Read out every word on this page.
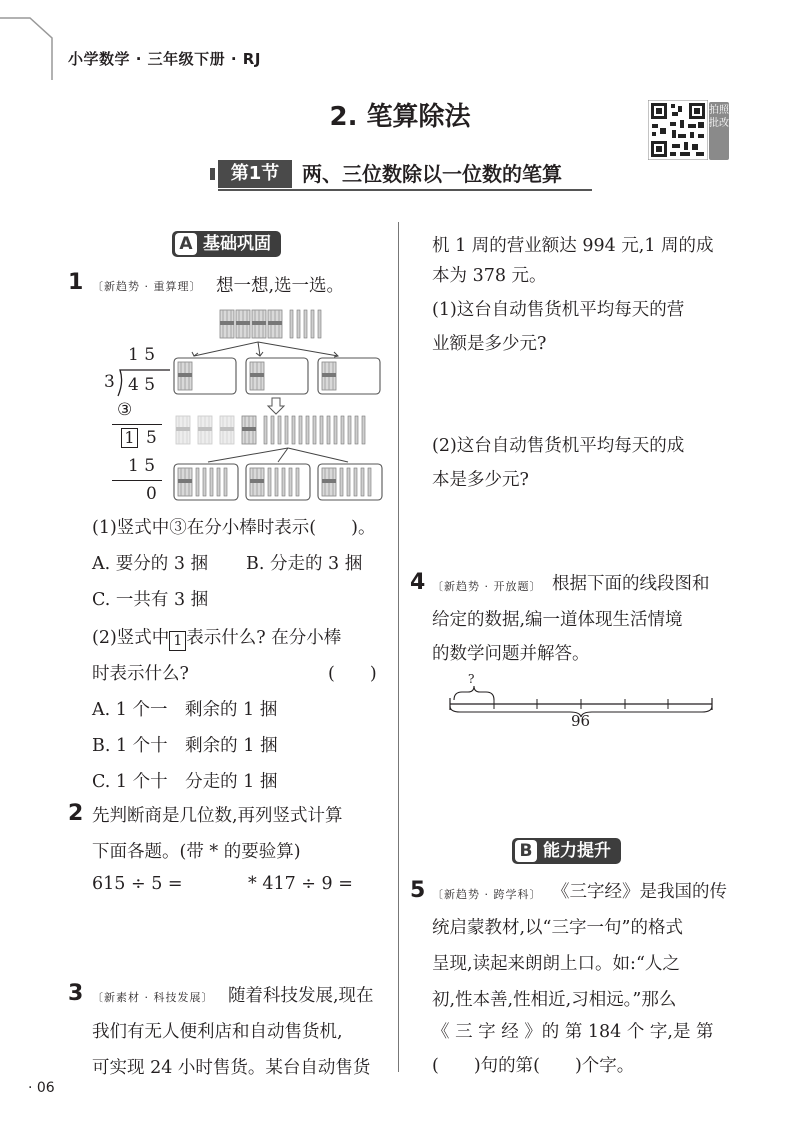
小学数学 · 三年级下册 · RJ
2. 笔算除法	拍照批改
第1节	两、三位数除以一位数的笔算
A 基础巩固
1 〔新趋势 · 重算理〕 想一想,选一选。
1 5
3 4 5
③
1 5
1 5
0
(1)竖式中③在分小棒时表示(　　)。
A. 要分的 3 捆 B. 分走的 3 捆
C. 一共有 3 捆
(2)竖式中 1 表示什么? 在分小棒
时表示什么?	(　　)
A. 1 个一　剩余的 1 捆
B. 1 个十　剩余的 1 捆
C. 1 个十　分走的 1 捆
2 先判断商是几位数,再列竖式计算
下面各题。(带 * 的要验算)
615 ÷ 5 =	* 417 ÷ 9 =
3 〔新素材 · 科技发展〕 随着科技发展,现在
我们有无人便利店和自动售货机,
可实现 24 小时售货。某台自动售货
机 1 周的营业额达 994 元,1 周的成
本为 378 元。
(1)这台自动售货机平均每天的营
业额是多少元?
(2)这台自动售货机平均每天的成
本是多少元?
4 〔新趋势 · 开放题〕 根据下面的线段图和
给定的数据,编一道体现生活情境
的数学问题并解答。
?
96
B 能力提升
5 〔新趋势 · 跨学科〕 《三字经》是我国的传
统启蒙教材,以“三字一句”的格式
呈现,读起来朗朗上口。如:“人之
初,性本善,性相近,习相远。”那么
《 三 字 经 》的 第 184 个 字,是 第
(　　)句的第(　　)个字。
· 06
